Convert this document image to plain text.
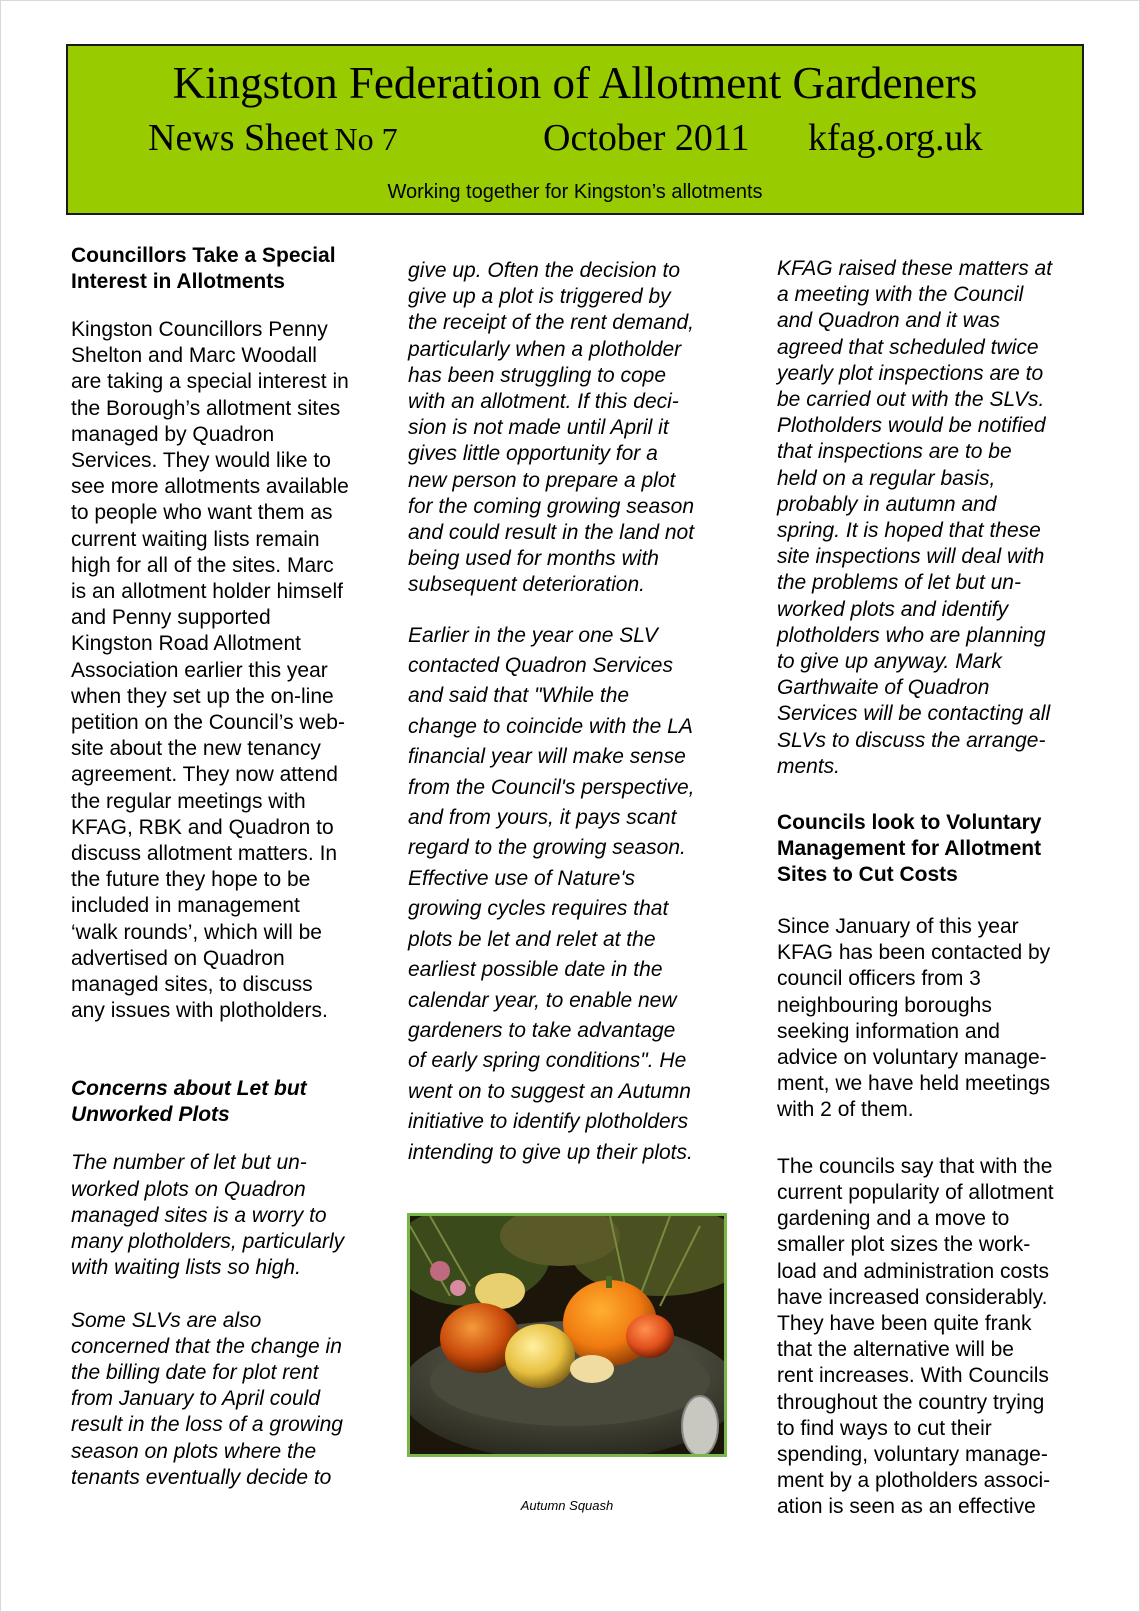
Kingston Federation of Allotment Gardeners
News Sheet No 7	October 2011 kfag.org.uk
Working together for Kingston’s allotments

Councillors Take a Special
Interest in Allotments

Kingston Councillors Penny
Shelton and Marc Woodall
are taking a special interest in
the Borough’s allotment sites
managed by Quadron
Services. They would like to
see more allotments available
to people who want them as
current waiting lists remain
high for all of the sites. Marc
is an allotment holder himself
and Penny supported
Kingston Road Allotment
Association earlier this year
when they set up the on-line
petition on the Council’s web-
site about the new tenancy
agreement. They now attend
the regular meetings with
KFAG, RBK and Quadron to
discuss allotment matters. In
the future they hope to be
included in management
‘walk rounds’, which will be
advertised on Quadron
managed sites, to discuss
any issues with plotholders.

Concerns about Let but
Unworked Plots

The number of let but un-
worked plots on Quadron
managed sites is a worry to
many plotholders, particularly
with waiting lists so high.

Some SLVs are also
concerned that the change in
the billing date for plot rent
from January to April could
result in the loss of a growing
season on plots where the
tenants eventually decide to

give up. Often the decision to
give up a plot is triggered by
the receipt of the rent demand,
particularly when a plotholder
has been struggling to cope
with an allotment. If this deci-
sion is not made until April it
gives little opportunity for a
new person to prepare a plot
for the coming growing season
and could result in the land not
being used for months with
subsequent deterioration.

Earlier in the year one SLV
contacted Quadron Services
and said that "While the
change to coincide with the LA
financial year will make sense
from the Council's perspective,
and from yours, it pays scant
regard to the growing season.
Effective use of Nature's
growing cycles requires that
plots be let and relet at the
earliest possible date in the
calendar year, to enable new
gardeners to take advantage
of early spring conditions". He
went on to suggest an Autumn
initiative to identify plotholders
intending to give up their plots.

Autumn Squash

KFAG raised these matters at
a meeting with the Council
and Quadron and it was
agreed that scheduled twice
yearly plot inspections are to
be carried out with the SLVs.
Plotholders would be notified
that inspections are to be
held on a regular basis,
probably in autumn and
spring. It is hoped that these
site inspections will deal with
the problems of let but un-
worked plots and identify
plotholders who are planning
to give up anyway. Mark
Garthwaite of Quadron
Services will be contacting all
SLVs to discuss the arrange-
ments.

Councils look to Voluntary
Management for Allotment
Sites to Cut Costs

Since January of this year
KFAG has been contacted by
council officers from 3
neighbouring boroughs
seeking information and
advice on voluntary manage-
ment, we have held meetings
with 2 of them.

The councils say that with the
current popularity of allotment
gardening and a move to
smaller plot sizes the work-
load and administration costs
have increased considerably.
They have been quite frank
that the alternative will be
rent increases. With Councils
throughout the country trying
to find ways to cut their
spending, voluntary manage-
ment by a plotholders associ-
ation is seen as an effective
